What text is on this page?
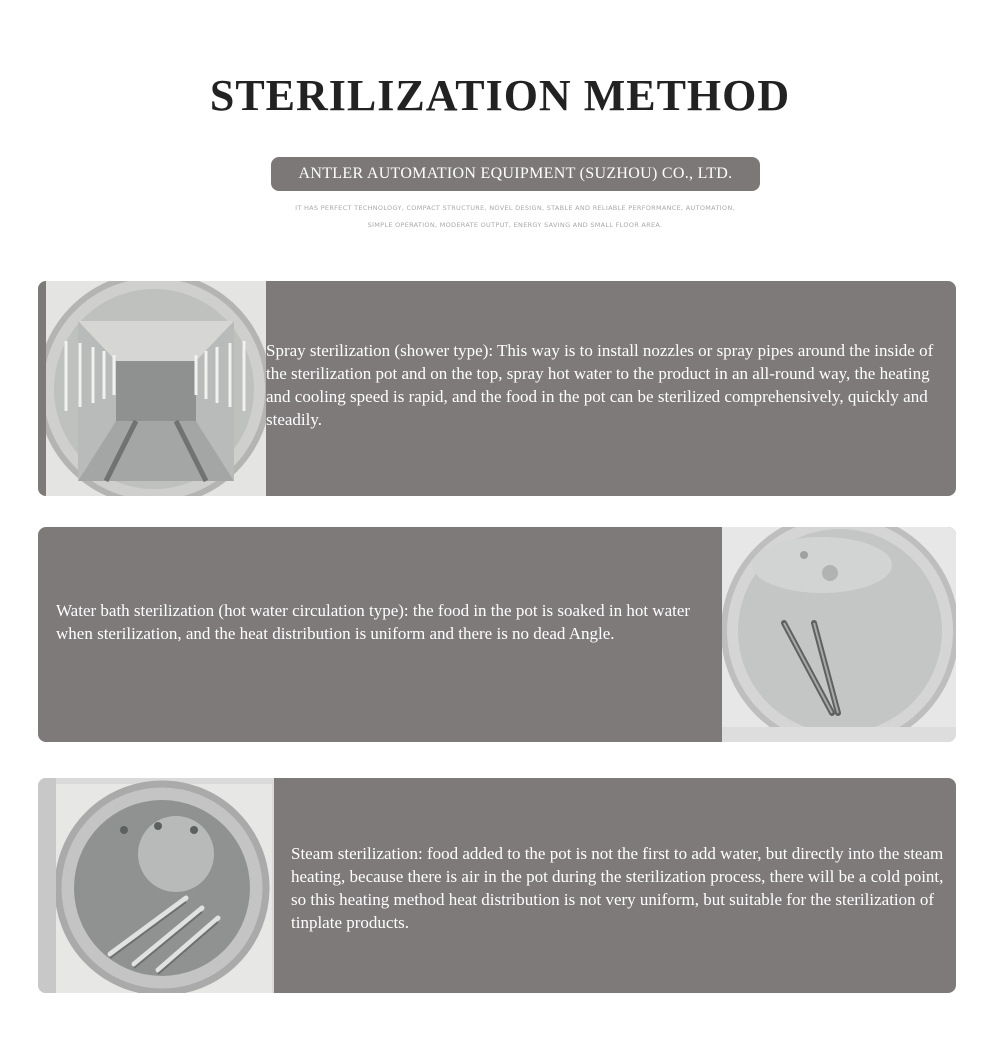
STERILIZATION METHOD
ANTLER AUTOMATION EQUIPMENT (SUZHOU) CO., LTD.
IT HAS PERFECT TECHNOLOGY, COMPACT STRUCTURE, NOVEL DESIGN, STABLE AND RELIABLE PERFORMANCE, AUTOMATION,
SIMPLE OPERATION, MODERATE OUTPUT, ENERGY SAVING AND SMALL FLOOR AREA.

Spray sterilization (shower type): This way is to install nozzles or spray pipes around the inside of the sterilization pot and on the top, spray hot water to the product in an all-round way, the heating and cooling speed is rapid, and the food in the pot can be sterilized comprehensively, quickly and steadily.

Water bath sterilization (hot water circulation type): the food in the pot is soaked in hot water when sterilization, and the heat distribution is uniform and there is no dead Angle.

Steam sterilization: food added to the pot is not the first to add water, but directly into the steam heating, because there is air in the pot during the sterilization process, there will be a cold point, so this heating method heat distribution is not very uniform, but suitable for the sterilization of tinplate products.
